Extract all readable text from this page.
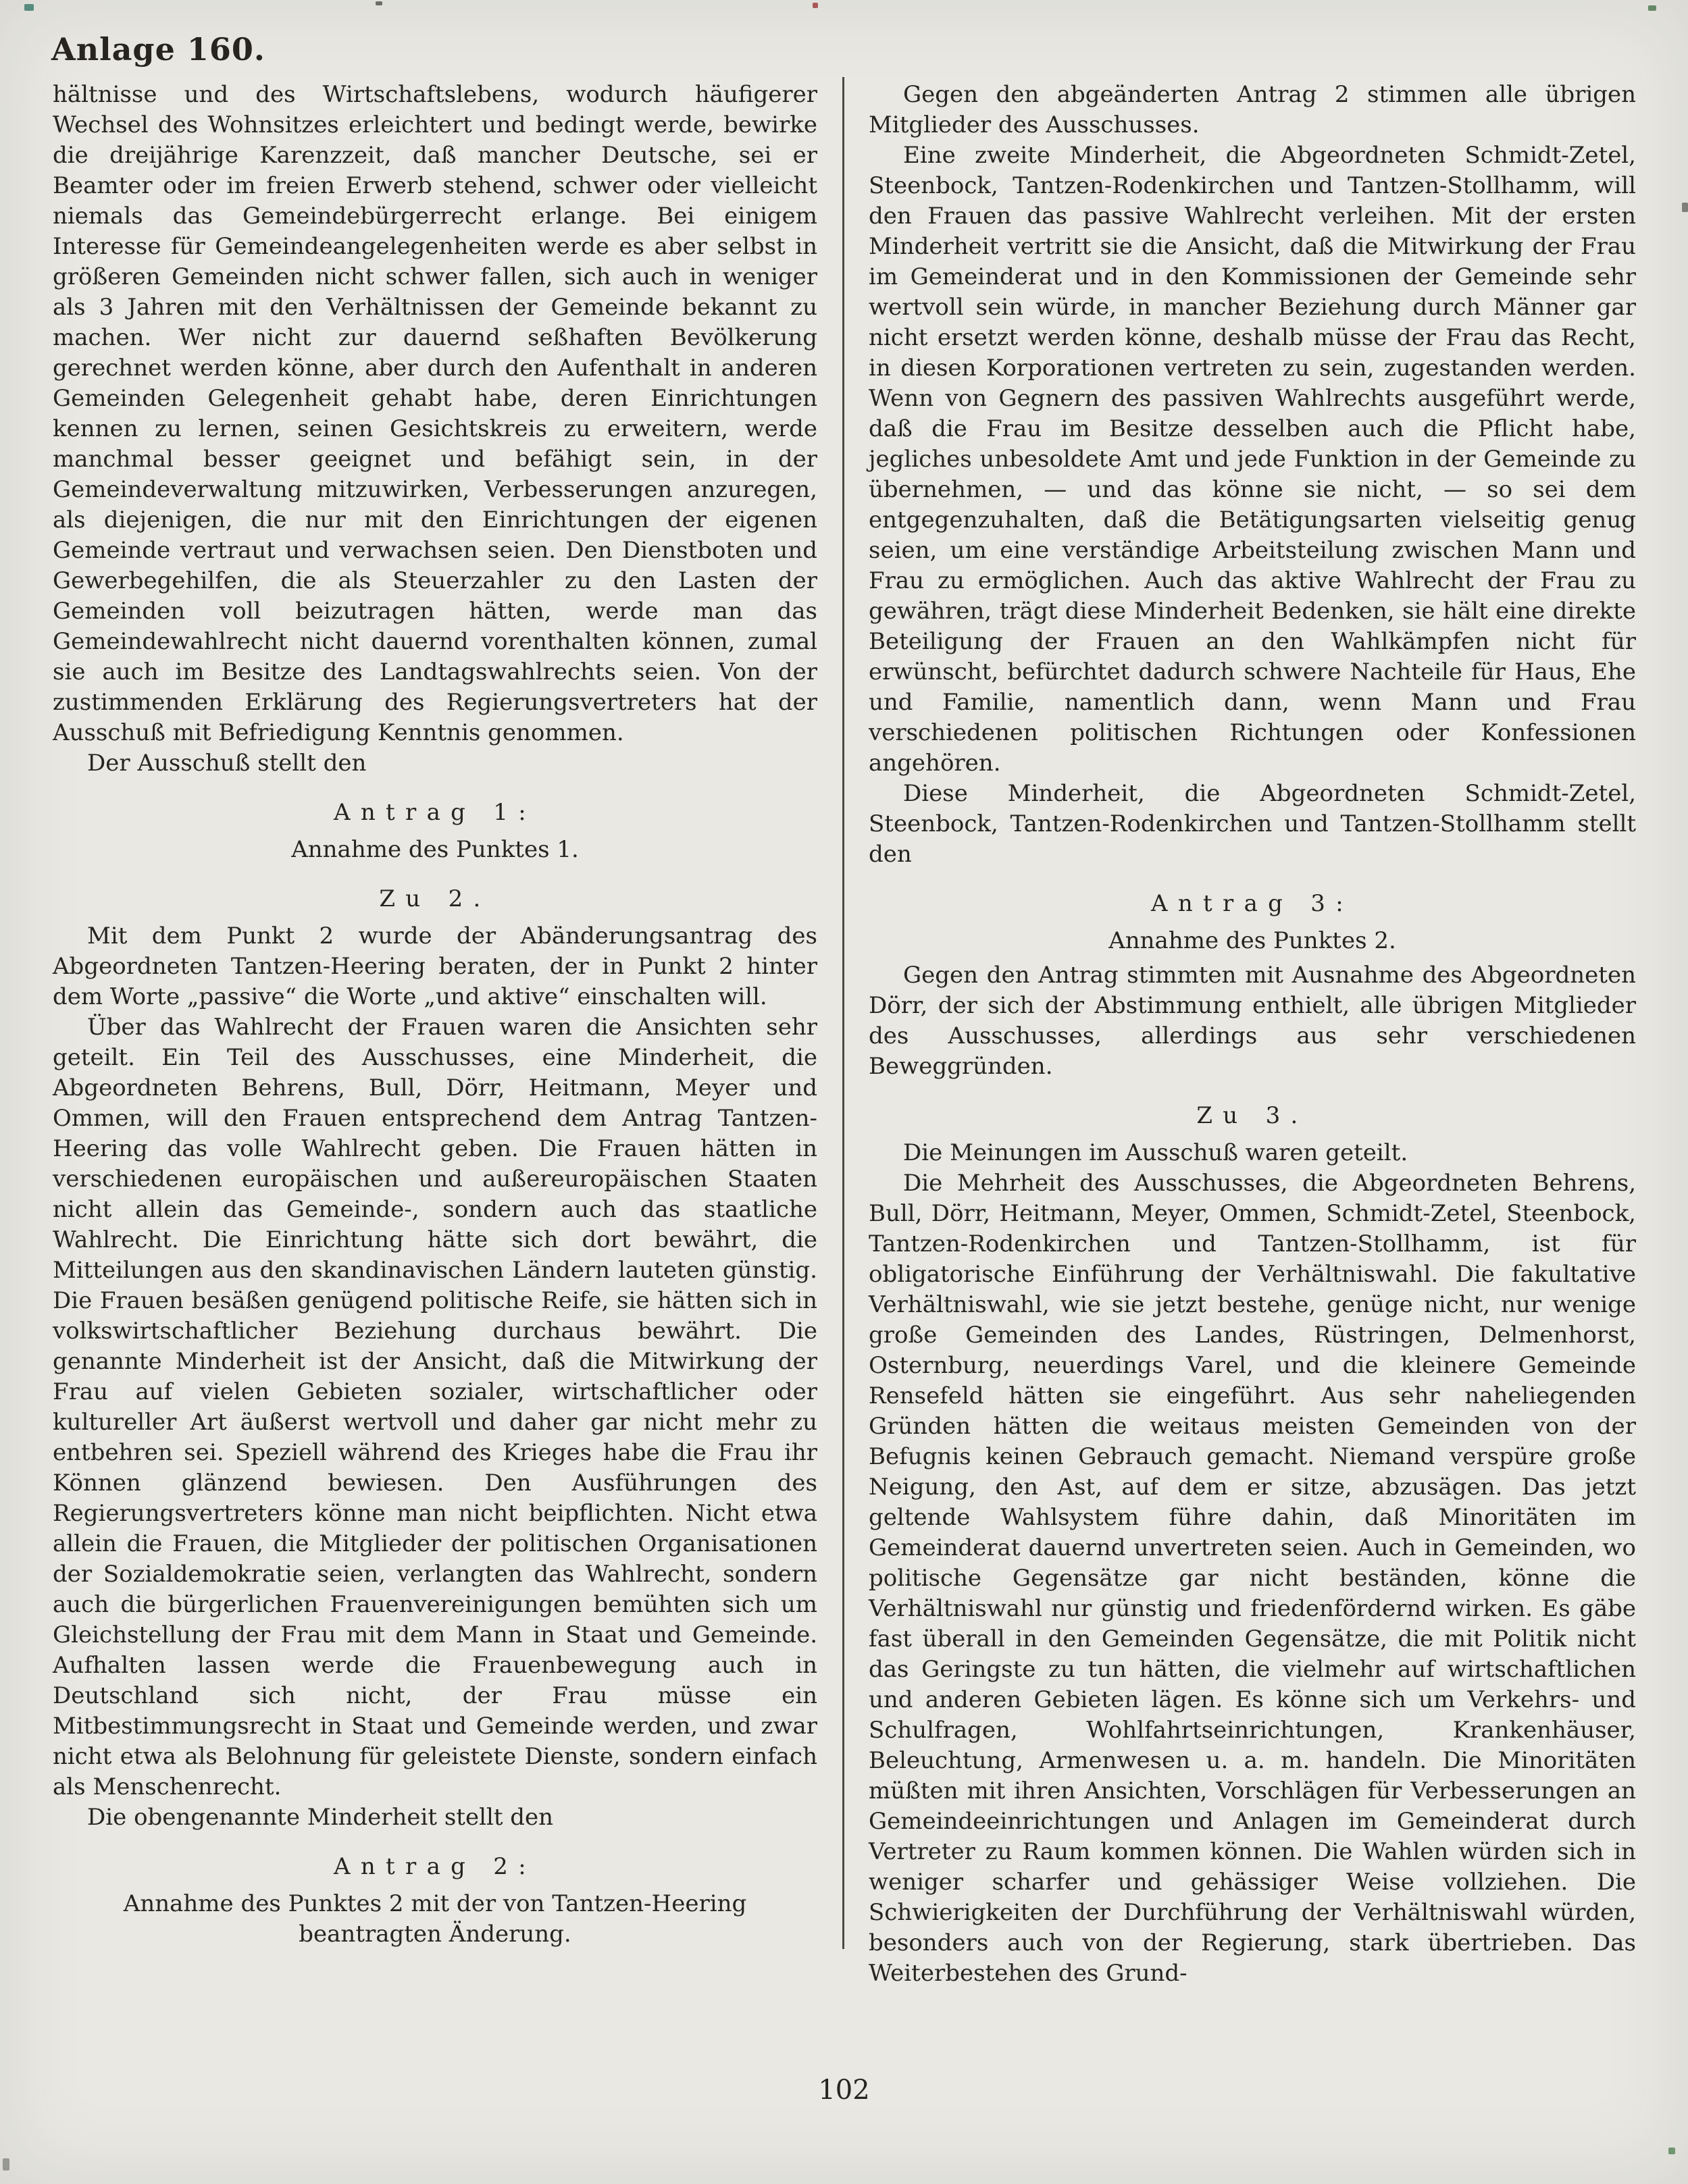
Anlage 160.
hältnisse und des Wirtschaftslebens, wodurch häufigerer Wechsel des Wohnsitzes erleichtert und bedingt werde, bewirke die dreijährige Karenzzeit, daß mancher Deutsche, sei er Beamter oder im freien Erwerb stehend, schwer oder vielleicht niemals das Gemeindebürgerrecht erlange. Bei einigem Interesse für Gemeindeangelegenheiten werde es aber selbst in größeren Gemeinden nicht schwer fallen, sich auch in weniger als 3 Jahren mit den Verhältnissen der Gemeinde bekannt zu machen. Wer nicht zur dauernd seßhaften Bevölkerung gerechnet werden könne, aber durch den Aufenthalt in anderen Gemeinden Gelegenheit gehabt habe, deren Einrichtungen kennen zu lernen, seinen Gesichtskreis zu erweitern, werde manchmal besser geeignet und befähigt sein, in der Gemeindeverwaltung mitzuwirken, Verbesserungen anzuregen, als diejenigen, die nur mit den Einrichtungen der eigenen Gemeinde vertraut und verwachsen seien. Den Dienstboten und Gewerbegehilfen, die als Steuerzahler zu den Lasten der Gemeinden voll beizutragen hätten, werde man das Gemeindewahlrecht nicht dauernd vorenthalten können, zumal sie auch im Besitze des Landtagswahlrechts seien. Von der zustimmenden Erklärung des Regierungsvertreters hat der Ausschuß mit Befriedigung Kenntnis genommen.
Der Ausschuß stellt den
Antrag 1:
Annahme des Punktes 1.
Zu 2.
Mit dem Punkt 2 wurde der Abänderungsantrag des Abgeordneten Tantzen-Heering beraten, der in Punkt 2 hinter dem Worte „passive“ die Worte „und aktive“ einschalten will.
Über das Wahlrecht der Frauen waren die Ansichten sehr geteilt. Ein Teil des Ausschusses, eine Minderheit, die Abgeordneten Behrens, Bull, Dörr, Heitmann, Meyer und Ommen, will den Frauen entsprechend dem Antrag Tantzen-Heering das volle Wahlrecht geben. Die Frauen hätten in verschiedenen europäischen und außereuropäischen Staaten nicht allein das Gemeinde-, sondern auch das staatliche Wahlrecht. Die Einrichtung hätte sich dort bewährt, die Mitteilungen aus den skandinavischen Ländern lauteten günstig. Die Frauen besäßen genügend politische Reife, sie hätten sich in volkswirtschaftlicher Beziehung durchaus bewährt. Die genannte Minderheit ist der Ansicht, daß die Mitwirkung der Frau auf vielen Gebieten sozialer, wirtschaftlicher oder kultureller Art äußerst wertvoll und daher gar nicht mehr zu entbehren sei. Speziell während des Krieges habe die Frau ihr Können glänzend bewiesen. Den Ausführungen des Regierungsvertreters könne man nicht beipflichten. Nicht etwa allein die Frauen, die Mitglieder der politischen Organisationen der Sozialdemokratie seien, verlangten das Wahlrecht, sondern auch die bürgerlichen Frauenvereinigungen bemühten sich um Gleichstellung der Frau mit dem Mann in Staat und Gemeinde. Aufhalten lassen werde die Frauenbewegung auch in Deutschland sich nicht, der Frau müsse ein Mitbestimmungsrecht in Staat und Gemeinde werden, und zwar nicht etwa als Belohnung für geleistete Dienste, sondern einfach als Menschenrecht.
Die obengenannte Minderheit stellt den
Antrag 2:
Annahme des Punktes 2 mit der von Tantzen-Heering beantragten Änderung.
Gegen den abgeänderten Antrag 2 stimmen alle übrigen Mitglieder des Ausschusses.
Eine zweite Minderheit, die Abgeordneten Schmidt-Zetel, Steenbock, Tantzen-Rodenkirchen und Tantzen-Stollhamm, will den Frauen das passive Wahlrecht verleihen. Mit der ersten Minderheit vertritt sie die Ansicht, daß die Mitwirkung der Frau im Gemeinderat und in den Kommissionen der Gemeinde sehr wertvoll sein würde, in mancher Beziehung durch Männer gar nicht ersetzt werden könne, deshalb müsse der Frau das Recht, in diesen Korporationen vertreten zu sein, zugestanden werden. Wenn von Gegnern des passiven Wahlrechts ausgeführt werde, daß die Frau im Besitze desselben auch die Pflicht habe, jegliches unbesoldete Amt und jede Funktion in der Gemeinde zu übernehmen, — und das könne sie nicht, — so sei dem entgegenzuhalten, daß die Betätigungsarten vielseitig genug seien, um eine verständige Arbeitsteilung zwischen Mann und Frau zu ermöglichen. Auch das aktive Wahlrecht der Frau zu gewähren, trägt diese Minderheit Bedenken, sie hält eine direkte Beteiligung der Frauen an den Wahlkämpfen nicht für erwünscht, befürchtet dadurch schwere Nachteile für Haus, Ehe und Familie, namentlich dann, wenn Mann und Frau verschiedenen politischen Richtungen oder Konfessionen angehören.
Diese Minderheit, die Abgeordneten Schmidt-Zetel, Steenbock, Tantzen-Rodenkirchen und Tantzen-Stollhamm stellt den
Antrag 3:
Annahme des Punktes 2.
Gegen den Antrag stimmten mit Ausnahme des Abgeordneten Dörr, der sich der Abstimmung enthielt, alle übrigen Mitglieder des Ausschusses, allerdings aus sehr verschiedenen Beweggründen.
Zu 3.
Die Meinungen im Ausschuß waren geteilt.
Die Mehrheit des Ausschusses, die Abgeordneten Behrens, Bull, Dörr, Heitmann, Meyer, Ommen, Schmidt-Zetel, Steenbock, Tantzen-Rodenkirchen und Tantzen-Stollhamm, ist für obligatorische Einführung der Verhältniswahl. Die fakultative Verhältniswahl, wie sie jetzt bestehe, genüge nicht, nur wenige große Gemeinden des Landes, Rüstringen, Delmenhorst, Osternburg, neuerdings Varel, und die kleinere Gemeinde Rensefeld hätten sie eingeführt. Aus sehr naheliegenden Gründen hätten die weitaus meisten Gemeinden von der Befugnis keinen Gebrauch gemacht. Niemand verspüre große Neigung, den Ast, auf dem er sitze, abzusägen. Das jetzt geltende Wahlsystem führe dahin, daß Minoritäten im Gemeinderat dauernd unvertreten seien. Auch in Gemeinden, wo politische Gegensätze gar nicht beständen, könne die Verhältniswahl nur günstig und friedenfördernd wirken. Es gäbe fast überall in den Gemeinden Gegensätze, die mit Politik nicht das Geringste zu tun hätten, die vielmehr auf wirtschaftlichen und anderen Gebieten lägen. Es könne sich um Verkehrs- und Schulfragen, Wohlfahrtseinrichtungen, Krankenhäuser, Beleuchtung, Armenwesen u. a. m. handeln. Die Minoritäten müßten mit ihren Ansichten, Vorschlägen für Verbesserungen an Gemeindeeinrichtungen und Anlagen im Gemeinderat durch Vertreter zu Raum kommen können. Die Wahlen würden sich in weniger scharfer und gehässiger Weise vollziehen. Die Schwierigkeiten der Durchführung der Verhältniswahl würden, besonders auch von der Regierung, stark übertrieben. Das Weiterbestehen des Grund-
102
